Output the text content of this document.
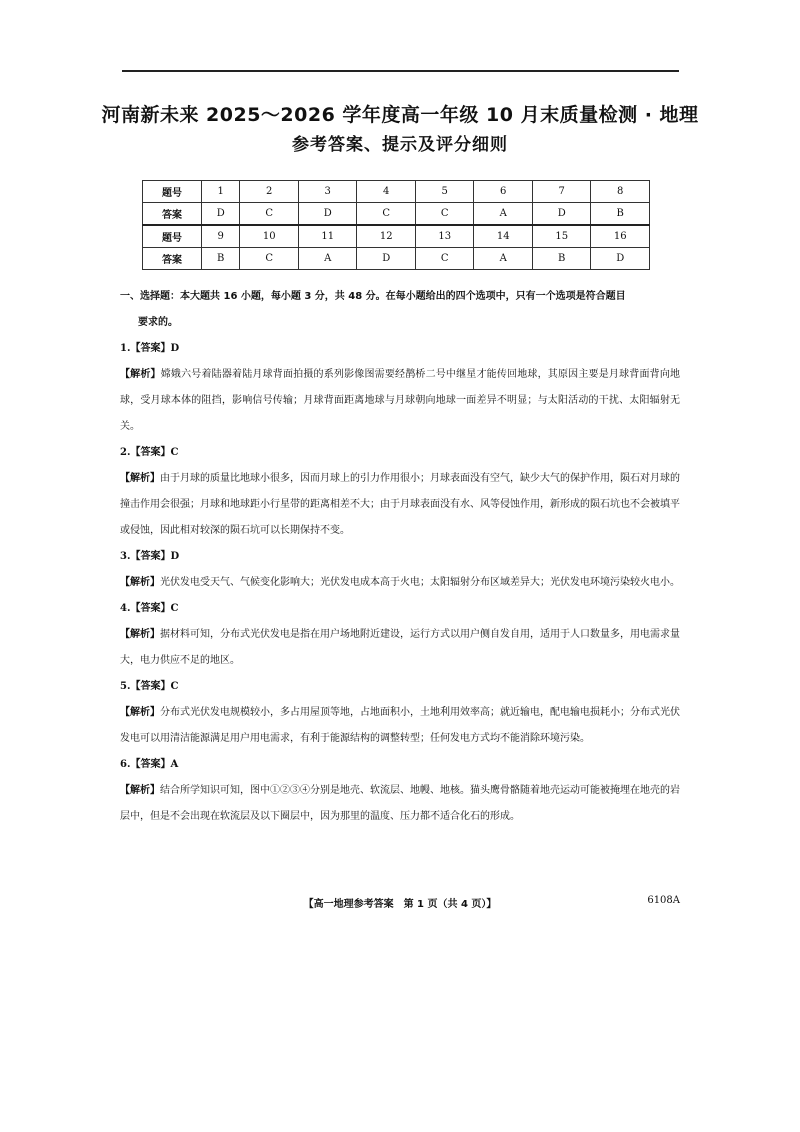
河南新未来 2025～2026 学年度高一年级 10 月末质量检测 · 地理
参考答案、提示及评分细则
题号	1	2	3	4	5	6	7	8
答案	D	C	D	C	C	A	D	B
题号	9	10	11	12	13	14	15	16
答案	B	C	A	D	C	A	B	D

一、选择题：本大题共 16 小题，每小题 3 分，共 48 分。在每小题给出的四个选项中，只有一个选项是符合题目
要求的。

1.【答案】D

【解析】嫦娥六号着陆器着陆月球背面拍摄的系列影像图需要经鹊桥二号中继星才能传回地球，其原因主要是月球背面背向地球，受月球本体的阻挡，影响信号传输；月球背面距离地球与月球朝向地球一面差异不明显；与太阳活动的干扰、太阳辐射无关。

2.【答案】C

【解析】由于月球的质量比地球小很多，因而月球上的引力作用很小；月球表面没有空气，缺少大气的保护作用，陨石对月球的撞击作用会很强；月球和地球距小行星带的距离相差不大；由于月球表面没有水、风等侵蚀作用，新形成的陨石坑也不会被填平或侵蚀，因此相对较深的陨石坑可以长期保持不变。

3.【答案】D

【解析】光伏发电受天气、气候变化影响大；光伏发电成本高于火电；太阳辐射分布区域差异大；光伏发电环境污染较火电小。

4.【答案】C

【解析】据材料可知，分布式光伏发电是指在用户场地附近建设，运行方式以用户侧自发自用，适用于人口数量多，用电需求量大，电力供应不足的地区。

5.【答案】C

【解析】分布式光伏发电规模较小，多占用屋顶等地，占地面积小，土地利用效率高；就近输电，配电输电损耗小；分布式光伏发电可以用清洁能源满足用户用电需求，有利于能源结构的调整转型；任何发电方式均不能消除环境污染。

6.【答案】A

【解析】结合所学知识可知，图中①②③④分别是地壳、软流层、地幔、地核。猫头鹰骨骼随着地壳运动可能被掩埋在地壳的岩层中，但是不会出现在软流层及以下圈层中，因为那里的温度、压力都不适合化石的形成。

【高一地理参考答案　第 1 页（共 4 页）】	6108A
